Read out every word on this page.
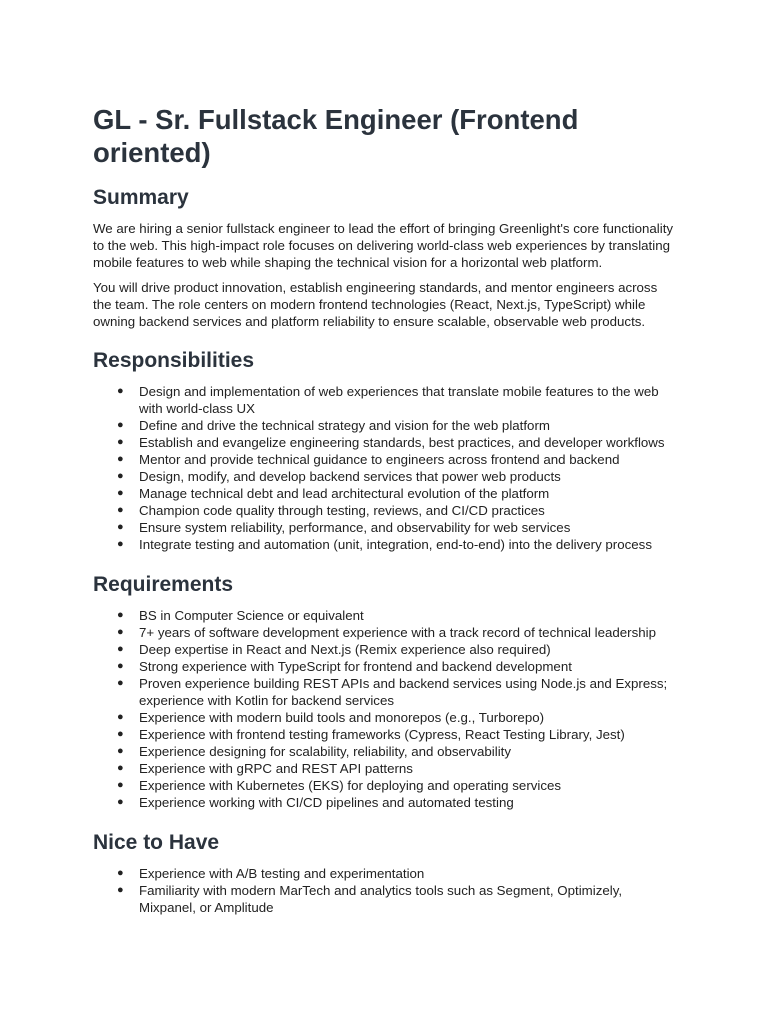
GL - Sr. Fullstack Engineer (Frontend oriented)
Summary

We are hiring a senior fullstack engineer to lead the effort of bringing Greenlight's core functionality to the web. This high-impact role focuses on delivering world-class web experiences by translating mobile features to web while shaping the technical vision for a horizontal web platform.

You will drive product innovation, establish engineering standards, and mentor engineers across the team. The role centers on modern frontend technologies (React, Next.js, TypeScript) while owning backend services and platform reliability to ensure scalable, observable web products.

Responsibilities
● Design and implementation of web experiences that translate mobile features to the web with world-class UX
● Define and drive the technical strategy and vision for the web platform
● Establish and evangelize engineering standards, best practices, and developer workflows
● Mentor and provide technical guidance to engineers across frontend and backend
● Design, modify, and develop backend services that power web products
● Manage technical debt and lead architectural evolution of the platform
● Champion code quality through testing, reviews, and CI/CD practices
● Ensure system reliability, performance, and observability for web services
● Integrate testing and automation (unit, integration, end-to-end) into the delivery process
Requirements
● BS in Computer Science or equivalent
● 7+ years of software development experience with a track record of technical leadership
● Deep expertise in React and Next.js (Remix experience also required)
● Strong experience with TypeScript for frontend and backend development
● Proven experience building REST APIs and backend services using Node.js and Express; experience with Kotlin for backend services
● Experience with modern build tools and monorepos (e.g., Turborepo)
● Experience with frontend testing frameworks (Cypress, React Testing Library, Jest)
● Experience designing for scalability, reliability, and observability
● Experience with gRPC and REST API patterns
● Experience with Kubernetes (EKS) for deploying and operating services
● Experience working with CI/CD pipelines and automated testing
Nice to Have
● Experience with A/B testing and experimentation
● Familiarity with modern MarTech and analytics tools such as Segment, Optimizely, Mixpanel, or Amplitude
